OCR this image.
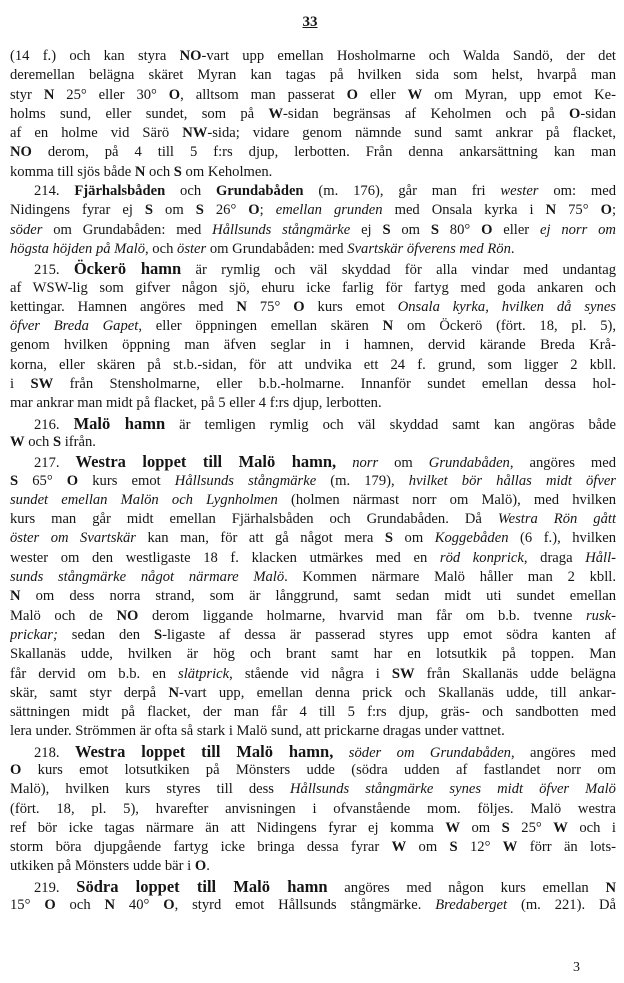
33
(14 f.) och kan styra NO-vart upp emellan Hosholmarne och Walda Sandö, der det
deremellan belägna skäret Myran kan tagas på hvilken sida som helst, hvarpå man
styr N 25° eller 30° O, alltsom man passerat O eller W om Myran, upp emot Ke-
holms sund, eller sundet, som på W-sidan begränsas af Keholmen och på O-sidan
af en holme vid Särö NW-sida; vidare genom nämnde sund samt ankrar på flacket,
NO derom, på 4 till 5 f:rs djup, lerbotten. Från denna ankarsättning kan man
komma till sjös både N och S om Keholmen.
214. Fjärhalsbåden och Grundabåden (m. 176), går man fri wester om: med
Nidingens fyrar ej S om S 26° O; emellan grunden med Onsala kyrka i N 75° O;
söder om Grundabåden: med Hållsunds stångmärke ej S om S 80° O eller ej norr om
högsta höjden på Malö, och öster om Grundabåden: med Svartskär öfverens med Rön.
215. Öckerö hamn är rymlig och väl skyddad för alla vindar med undantag
af WSW-lig som gifver någon sjö, ehuru icke farlig för fartyg med goda ankaren och
kettingar. Hamnen angöres med N 75° O kurs emot Onsala kyrka, hvilken då synes
öfver Breda Gapet, eller öppningen emellan skären N om Öckerö (fört. 18, pl. 5),
genom hvilken öppning man äfven seglar in i hamnen, dervid kärande Breda Krå-
korna, eller skären på st.b.-sidan, för att undvika ett 24 f. grund, som ligger 2 kbll.
i SW från Stensholmarne, eller b.b.-holmarne. Innanför sundet emellan dessa hol-
mar ankrar man midt på flacket, på 5 eller 4 f:rs djup, lerbotten.
216. Malö hamn är temligen rymlig och väl skyddad samt kan angöras både
W och S ifrån.
217. Westra loppet till Malö hamn, norr om Grundabåden, angöres med
S 65° O kurs emot Hållsunds stångmärke (m. 179), hvilket bör hållas midt öfver
sundet emellan Malön och Lygnholmen (holmen närmast norr om Malö), med hvilken
kurs man går midt emellan Fjärhalsbåden och Grundabåden. Då Westra Rön gått
öster om Svartskär kan man, för att gå något mera S om Koggebåden (6 f.), hvilken
wester om den westligaste 18 f. klacken utmärkes med en röd konprick, draga Håll-
sunds stångmärke något närmare Malö. Kommen närmare Malö håller man 2 kbll.
N om dess norra strand, som är långgrund, samt sedan midt uti sundet emellan
Malö och de NO derom liggande holmarne, hvarvid man får om b.b. tvenne rusk-
prickar; sedan den S-ligaste af dessa är passerad styres upp emot södra kanten af
Skallanäs udde, hvilken är hög och brant samt har en lotsutkik på toppen. Man
får dervid om b.b. en slätprick, stående vid några i SW från Skallanäs udde belägna
skär, samt styr derpå N-vart upp, emellan denna prick och Skallanäs udde, till ankar-
sättningen midt på flacket, der man får 4 till 5 f:rs djup, gräs- och sandbotten med
lera under. Strömmen är ofta så stark i Malö sund, att prickarne dragas under vattnet.
218. Westra loppet till Malö hamn, söder om Grundabåden, angöres med
O kurs emot lotsutkiken på Mönsters udde (södra udden af fastlandet norr om
Malö), hvilken kurs styres till dess Hållsunds stångmärke synes midt öfver Malö
(fört. 18, pl. 5), hvarefter anvisningen i ofvanstående mom. följes. Malö westra
ref bör icke tagas närmare än att Nidingens fyrar ej komma W om S 25° W och i
storm böra djupgående fartyg icke bringa dessa fyrar W om S 12° W förr än lots-
utkiken på Mönsters udde bär i O.
219. Södra loppet till Malö hamn angöres med någon kurs emellan N
15° O och N 40° O, styrd emot Hållsunds stångmärke. Bredaberget (m. 221). Då
3
